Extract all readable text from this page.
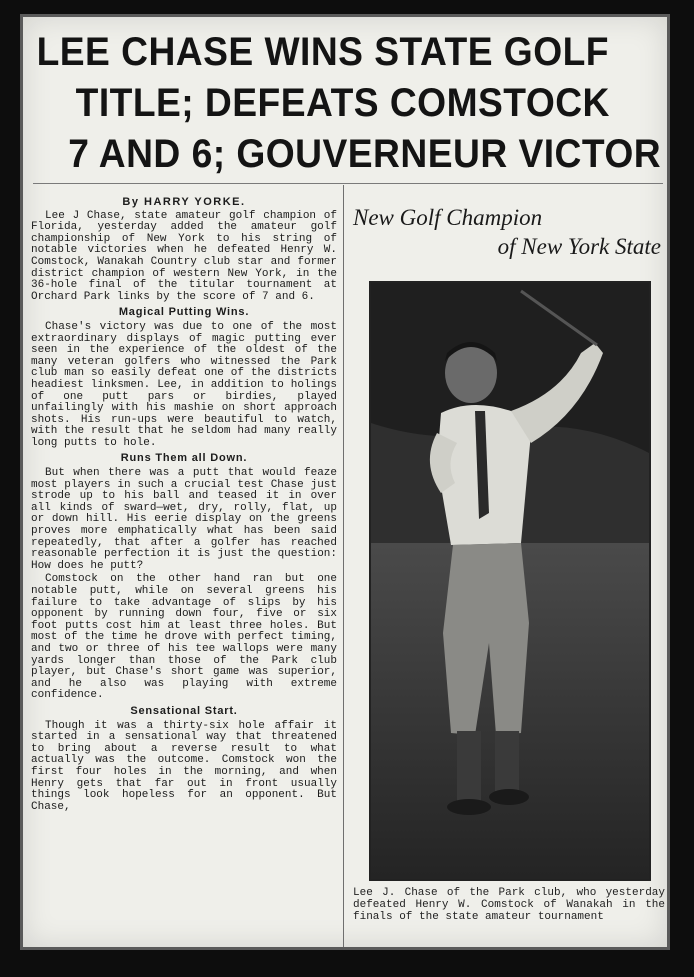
LEE CHASE WINS STATE GOLF
TITLE; DEFEATS COMSTOCK
7 AND 6; GOUVERNEUR VICTOR
By HARRY YORKE.

Lee J Chase, state amateur golf champion of Florida, yesterday added the amateur golf championship of New York to his string of notable victories when he defeated Henry W. Comstock, Wanakah Country club star and former district champion of western New York, in the 36-hole final of the titular tournament at Orchard Park links by the score of 7 and 6.

Magical Putting Wins.

Chase's victory was due to one of the most extraordinary displays of magic putting ever seen in the experience of the oldest of the many veteran golfers who witnessed the Park club man so easily defeat one of the districts headiest linksmen. Lee, in addition to holings of one putt pars or birdies, played unfailingly with his mashie on short approach shots. His run-ups were beautiful to watch, with the result that he seldom had many really long putts to hole.

Runs Them all Down.

But when there was a putt that would feaze most players in such a crucial test Chase just strode up to his ball and teased it in over all kinds of sward—wet, dry, rolly, flat, up or down hill. His eerie display on the greens proves more emphatically what has been said repeatedly, that after a golfer has reached reasonable perfection it is just the question: How does he putt?

Comstock on the other hand ran but one notable putt, while on several greens his failure to take advantage of slips by his opponent by running down four, five or six foot putts cost him at least three holes. But most of the time he drove with perfect timing, and two or three of his tee wallops were many yards longer than those of the Park club player, but Chase's short game was superior, and he also was playing with extreme confidence.

Sensational Start.

Though it was a thirty-six hole affair it started in a sensational way that threatened to bring about a reverse result to what actually was the outcome. Comstock won the first four holes in the morning, and when Henry gets that far out in front usually things look hopeless for an opponent. But Chase,

New Golf Champion
of New York State
Lee J. Chase of the Park club, who yesterday defeated Henry W. Comstock of Wanakah in the finals of the state amateur tournament
